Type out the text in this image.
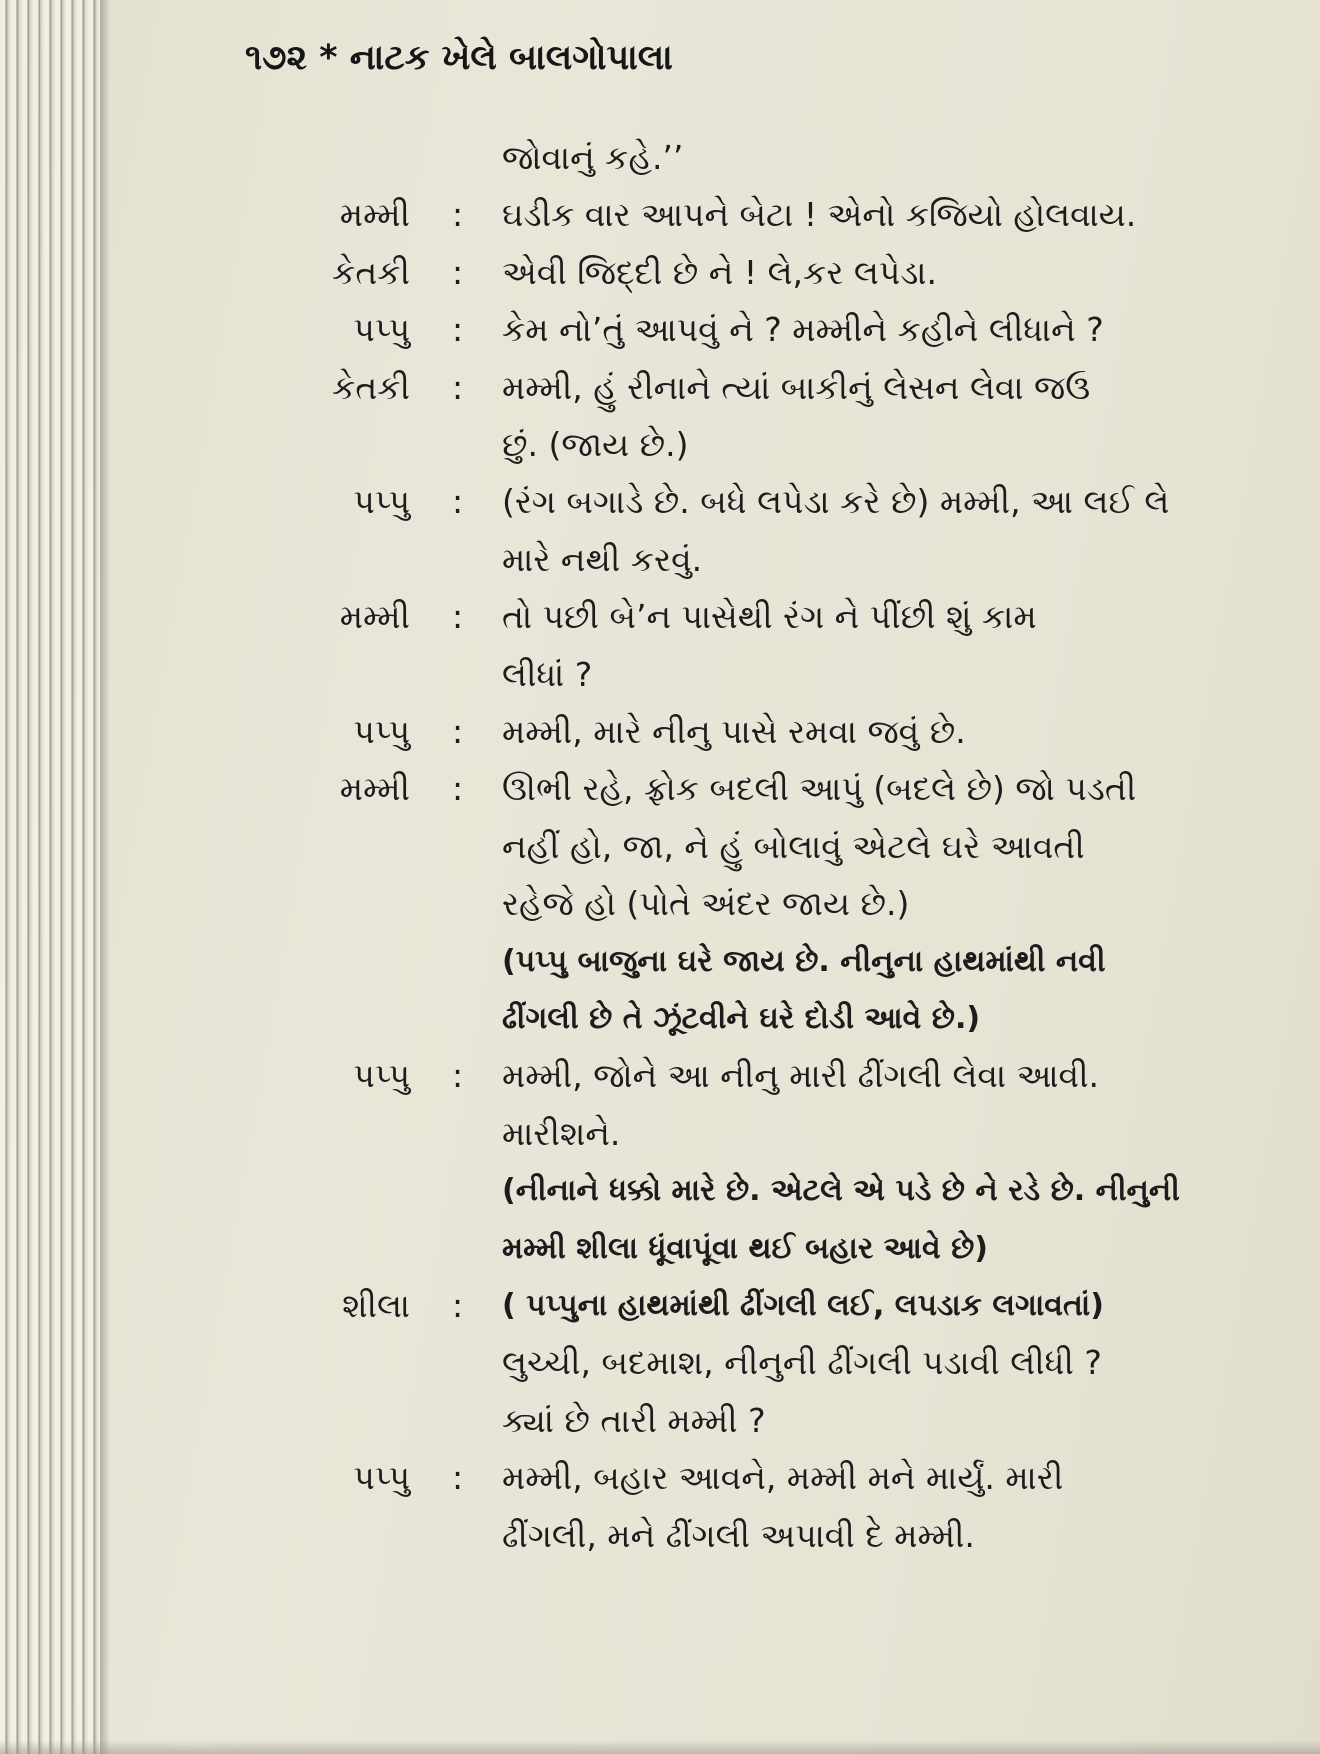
૧૭૨ * નાટક ખેલે બાલગોપાલા
જોવાનું કહે.’’
મમ્મી : ઘડીક વાર આપને બેટા ! એનો કજિયો હોલવાય.
કેતકી : એવી જિદ્દી છે ને ! લે,કર લપેડા.
પપ્પુ : કેમ નો’તું આપવું ને ? મમ્મીને કહીને લીધાને ?
કેતકી : મમ્મી, હું રીનાને ત્યાં બાકીનું લેસન લેવા જઉ
છું. (જાય છે.)
પપ્પુ : (રંગ બગાડે છે. બધે લપેડા કરે છે) મમ્મી, આ લઈ લે
મારે નથી કરવું.
મમ્મી : તો પછી બે’ન પાસેથી રંગ ને પીંછી શું કામ
લીધાં ?
પપ્પુ : મમ્મી, મારે નીનુ પાસે રમવા જવું છે.
મમ્મી : ઊભી રહે, ફ્રોક બદલી આપું (બદલે છે) જો પડતી
નહીં હો, જા, ને હું બોલાવું એટલે ઘરે આવતી
રહેજે હો (પોતે અંદર જાય છે.)
(પપ્પુ બાજુના ઘરે જાય છે. નીનુના હાથમાંથી નવી
ઢીંગલી છે તે ઝૂંટવીને ઘરે દોડી આવે છે.)
પપ્પુ : મમ્મી, જોને આ નીનુ મારી ઢીંગલી લેવા આવી.
મારીશને.
(નીનાને ધક્કો મારે છે. એટલે એ પડે છે ને રડે છે. નીનુની
મમ્મી શીલા ધૂંવાપૂંવા થઈ બહાર આવે છે)
શીલા : ( પપ્પુના હાથમાંથી ઢીંગલી લઈ, લપડાક લગાવતાં)
લુચ્ચી, બદમાશ, નીનુની ઢીંગલી પડાવી લીધી ?
ક્યાં છે તારી મમ્મી ?
પપ્પુ : મમ્મી, બહાર આવને, મમ્મી મને માર્યું. મારી
ઢીંગલી, મને ઢીંગલી અપાવી દે મમ્મી.
